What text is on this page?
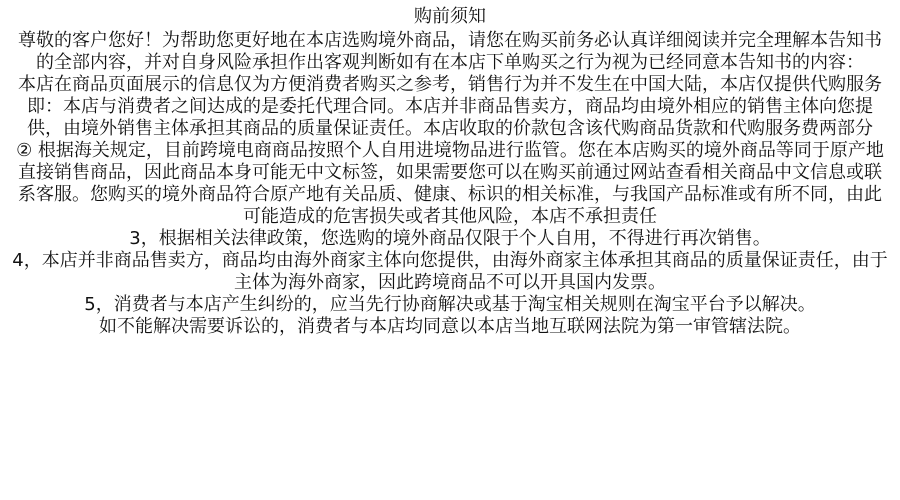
购前须知

尊敬的客户您好！为帮助您更好地在本店选购境外商品，请您在购买前务必认真详细阅读并完全理解本告知书的全部内容，并对自身风险承担作出客观判断如有在本店下单购买之行为视为已经同意本告知书的内容：

本店在商品页面展示的信息仅为方便消费者购买之参考，销售行为并不发生在中国大陆，本店仅提供代购服务即：本店与消费者之间达成的是委托代理合同。本店并非商品售卖方，商品均由境外相应的销售主体向您提供，由境外销售主体承担其商品的质量保证责任。本店收取的价款包含该代购商品货款和代购服务费两部分

② 根据海关规定，目前跨境电商商品按照个人自用进境物品进行监管。您在本店购买的境外商品等同于原产地直接销售商品，因此商品本身可能无中文标签，如果需要您可以在购买前通过网站查看相关商品中文信息或联系客服。您购买的境外商品符合原产地有关品质、健康、标识的相关标准，与我国产品标准或有所不同，由此可能造成的危害损失或者其他风险，本店不承担责任

3，根据相关法律政策，您选购的境外商品仅限于个人自用，不得进行再次销售。

4，本店并非商品售卖方，商品均由海外商家主体向您提供，由海外商家主体承担其商品的质量保证责任，由于主体为海外商家，因此跨境商品不可以开具国内发票。

5，消费者与本店产生纠纷的，应当先行协商解决或基于淘宝相关规则在淘宝平台予以解决。

如不能解决需要诉讼的，消费者与本店均同意以本店当地互联网法院为第一审管辖法院。
